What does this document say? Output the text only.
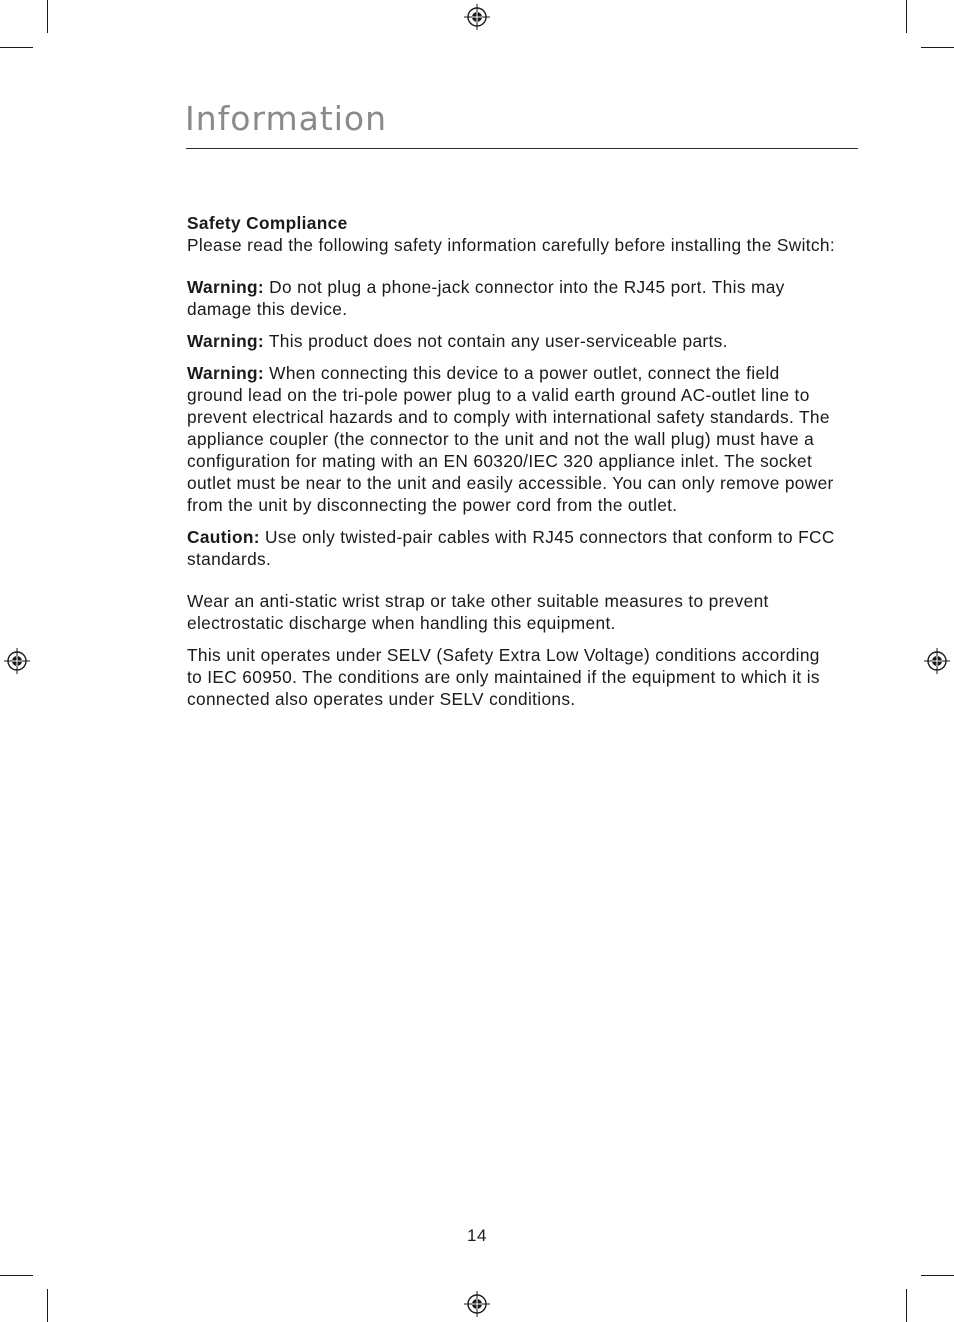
Information

Safety Compliance

Please read the following safety information carefully before installing the Switch:

Warning: Do not plug a phone-jack connector into the RJ45 port. This may damage this device.

Warning: This product does not contain any user-serviceable parts.

Warning: When connecting this device to a power outlet, connect the field ground lead on the tri-pole power plug to a valid earth ground AC-outlet line to prevent electrical hazards and to comply with international safety standards. The appliance coupler (the connector to the unit and not the wall plug) must have a configuration for mating with an EN 60320/IEC 320 appliance inlet. The socket outlet must be near to the unit and easily accessible. You can only remove power from the unit by disconnecting the power cord from the outlet.

Caution: Use only twisted-pair cables with RJ45 connectors that conform to FCC standards.

Wear an anti-static wrist strap or take other suitable measures to prevent electrostatic discharge when handling this equipment.

This unit operates under SELV (Safety Extra Low Voltage) conditions according to IEC 60950. The conditions are only maintained if the equipment to which it is connected also operates under SELV conditions.

14
